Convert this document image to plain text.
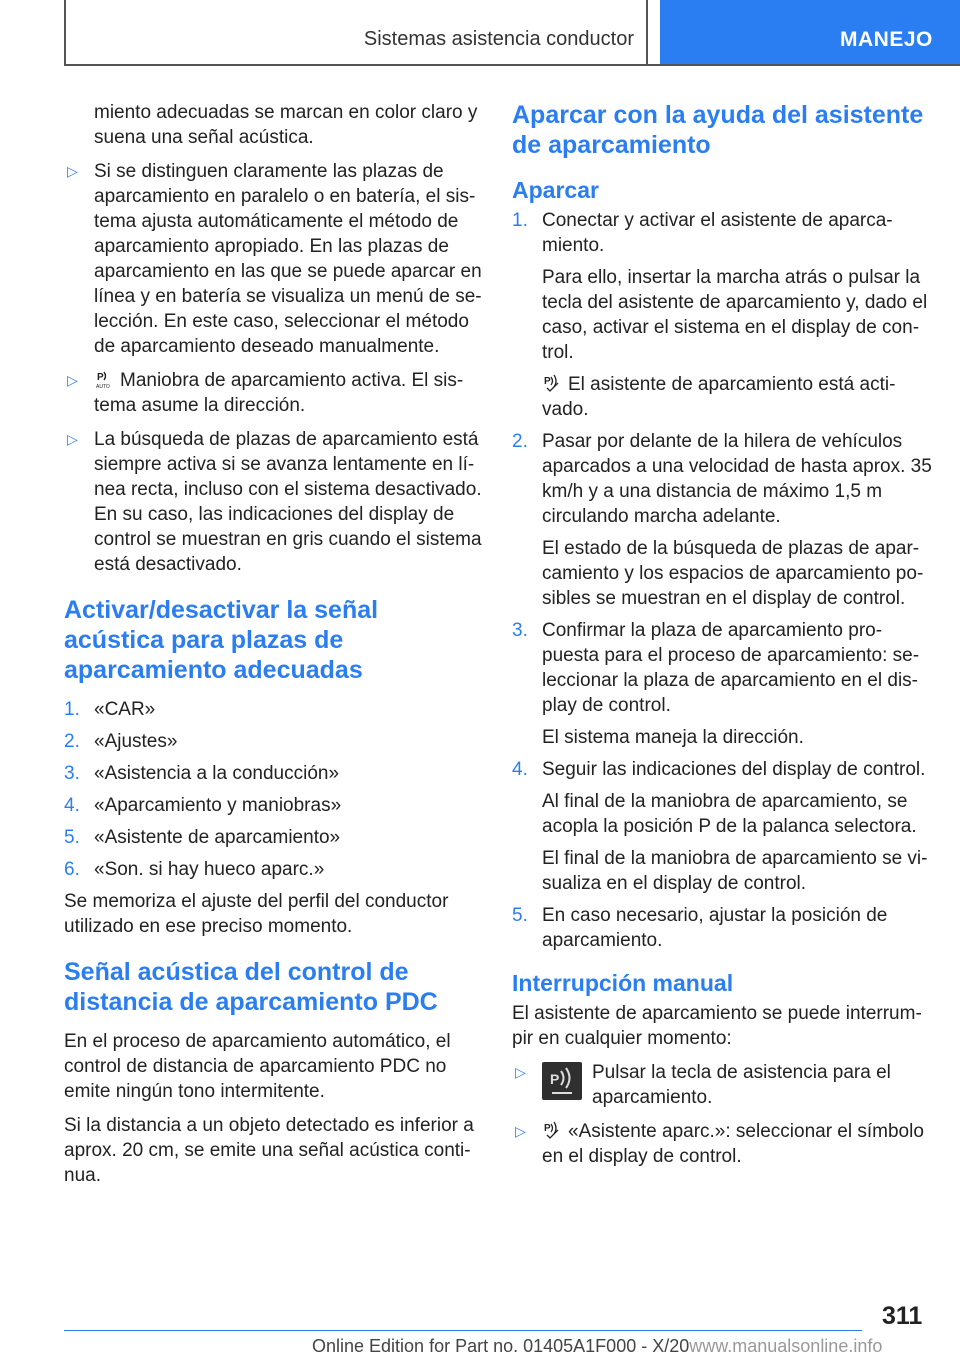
Sistemas asistencia conductor	MANEJO

miento adecuadas se marcan en color claro y suena una señal acústica.

▷ Si se distinguen claramente las plazas de aparcamiento en paralelo o en batería, el sistema ajusta automáticamente el método de aparcamiento apropiado. En las plazas de aparcamiento en las que se puede aparcar en línea y en batería se visualiza un menú de selección. En este caso, seleccionar el método de aparcamiento deseado manualmente.
▷ P
AUTO Maniobra de aparcamiento activa. El sistema asume la dirección.
▷ La búsqueda de plazas de aparcamiento está siempre activa si se avanza lentamente en línea recta, incluso con el sistema desactivado. En su caso, las indicaciones del display de control se muestran en gris cuando el sistema está desactivado.
Activar/desactivar la señal acústica para plazas de aparcamiento adecuadas
1. «CAR»
2. «Ajustes»
3. «Asistencia a la conducción»
4. «Aparcamiento y maniobras»
5. «Asistente de aparcamiento»
6. «Son. si hay hueco aparc.»

Se memoriza el ajuste del perfil del conductor utilizado en ese preciso momento.

Señal acústica del control de distancia de aparcamiento PDC

En el proceso de aparcamiento automático, el control de distancia de aparcamiento PDC no emite ningún tono intermitente.

Si la distancia a un objeto detectado es inferior a aprox. 20 cm, se emite una señal acústica continua.

Aparcar con la ayuda del asistente de aparcamiento
Aparcar
1. Conectar y activar el asistente de aparcamiento.
Para ello, insertar la marcha atrás o pulsar la tecla del asistente de aparcamiento y, dado el caso, activar el sistema en el display de control.
P El asistente de aparcamiento está activado.
2. Pasar por delante de la hilera de vehículos aparcados a una velocidad de hasta aprox. 35 km/h y a una distancia de máximo 1,5 m circulando marcha adelante.
El estado de la búsqueda de plazas de aparcamiento y los espacios de aparcamiento posibles se muestran en el display de control.
3. Confirmar la plaza de aparcamiento propuesta para el proceso de aparcamiento: seleccionar la plaza de aparcamiento en el display de control.
El sistema maneja la dirección.
4. Seguir las indicaciones del display de control.
Al final de la maniobra de aparcamiento, se acopla la posición P de la palanca selectora.
El final de la maniobra de aparcamiento se visualiza en el display de control.
5. En caso necesario, ajustar la posición de aparcamiento.
Interrupción manual

El asistente de aparcamiento se puede interrumpir en cualquier momento:

▷ P Pulsar la tecla de asistencia para el aparcamiento.
▷ P «Asistente aparc.»: seleccionar el símbolo en el display de control.
311
Online Edition for Part no. 01405A1F000 - X/20www.manualsonline.info
